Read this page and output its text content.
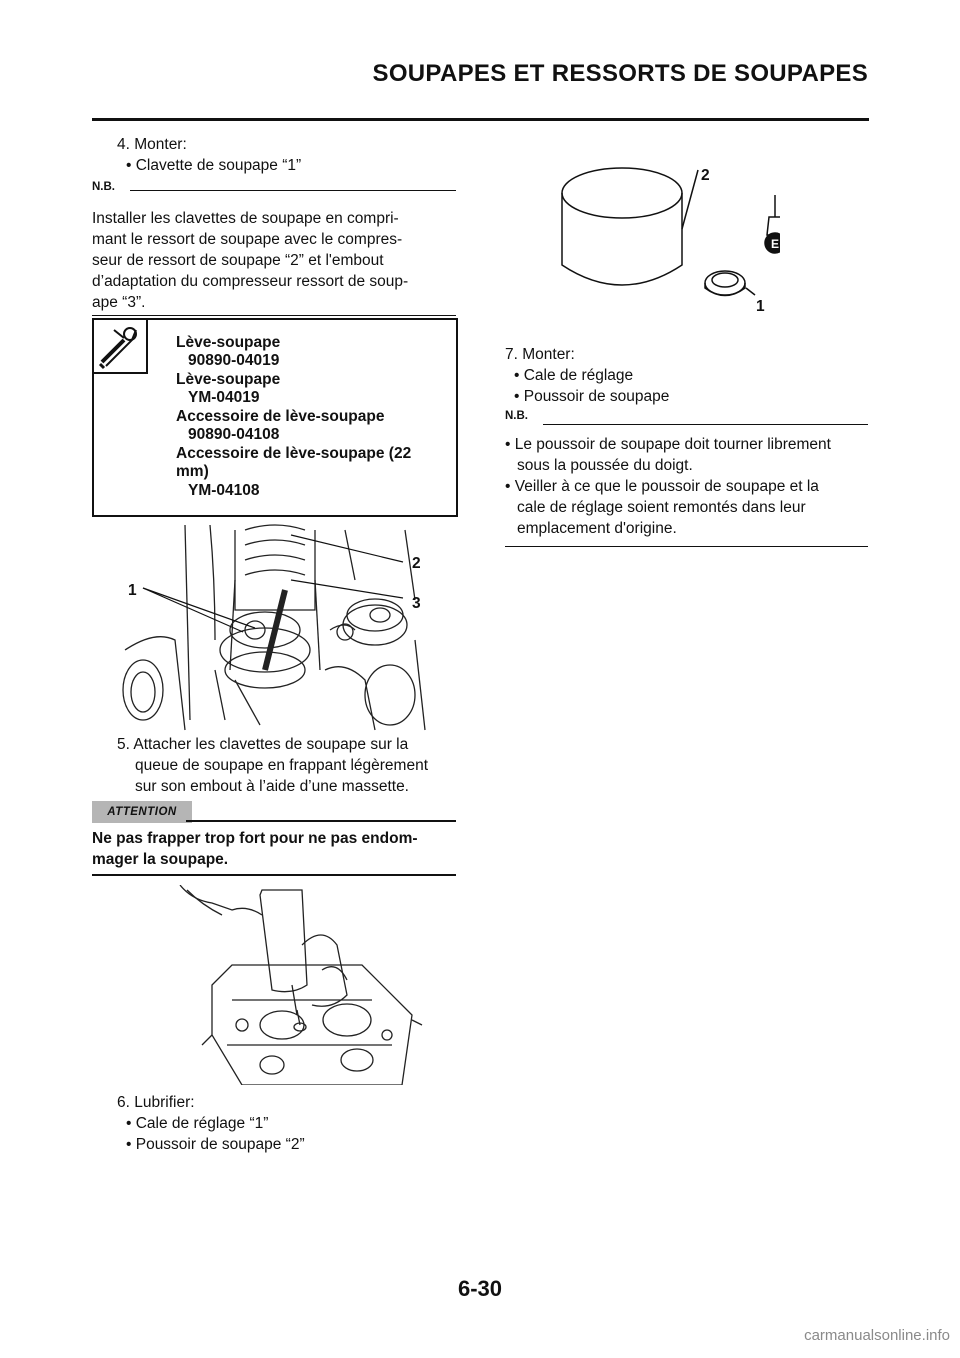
SOUPAPES ET RESSORTS DE SOUPAPES
4. Monter:
• Clavette de soupape “1”
N.B.
Installer les clavettes de soupape en compri-
mant le ressort de soupape avec le compres-
seur de ressort de soupape “2” et l'embout
d’adaptation du compresseur ressort de soup-
ape “3”.
Lève-soupape
90890-04019
Lève-soupape
YM-04019
Accessoire de lève-soupape
90890-04108
Accessoire de lève-soupape (22
mm)
YM-04108
1
2
3
5. Attacher les clavettes de soupape sur la
queue de soupape en frappant légèrement
sur son embout à l’aide d’une massette.
ATTENTION
Ne pas frapper trop fort pour ne pas endom-
mager la soupape.
6. Lubrifier:
• Cale de réglage “1”
• Poussoir de soupape “2”
E
2
1
7. Monter:
• Cale de réglage
• Poussoir de soupape
N.B.
• Le poussoir de soupape doit tourner librement
sous la poussée du doigt.
• Veiller à ce que le poussoir de soupape et la
cale de réglage soient remontés dans leur
emplacement d'origine.
6-30
carmanualsonline.info
